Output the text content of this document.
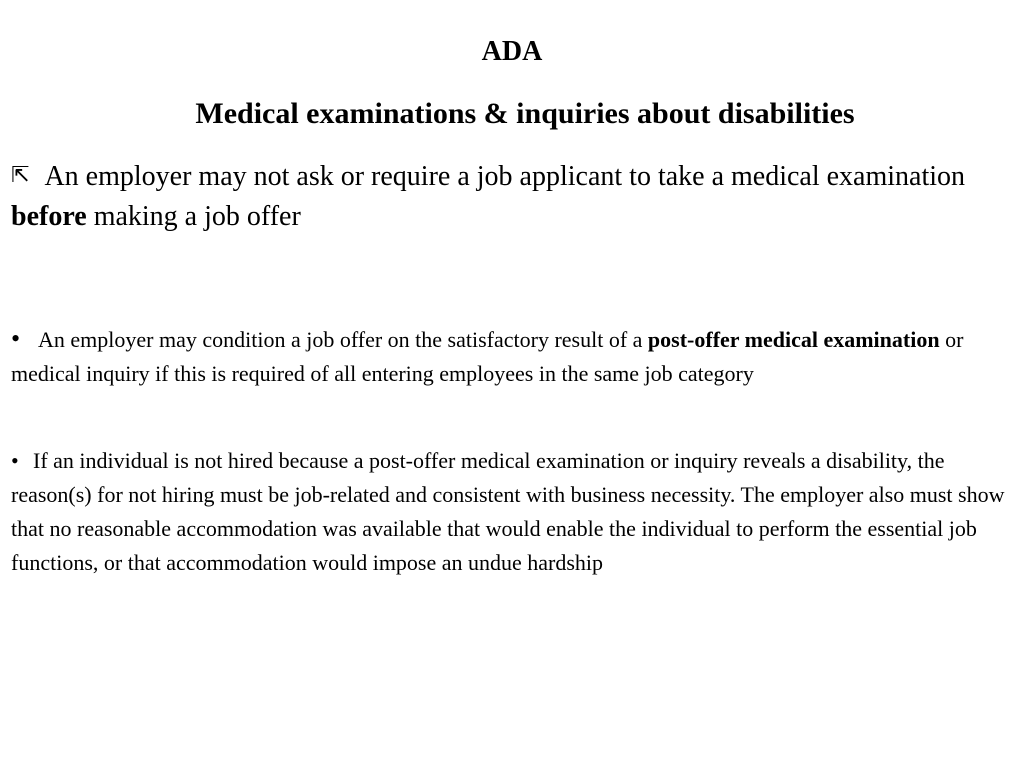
ADA
Medical examinations & inquiries about disabilities
⇱ An employer may not ask or require a job applicant to take a medical examination before making a job offer
• An employer may condition a job offer on the satisfactory result of a post-offer medical examination or medical inquiry if this is required of all entering employees in the same job category
• If an individual is not hired because a post-offer medical examination or inquiry reveals a disability, the reason(s) for not hiring must be job-related and consistent with business necessity. The employer also must show that no reasonable accommodation was available that would enable the individual to perform the essential job functions, or that accommodation would impose an undue hardship
